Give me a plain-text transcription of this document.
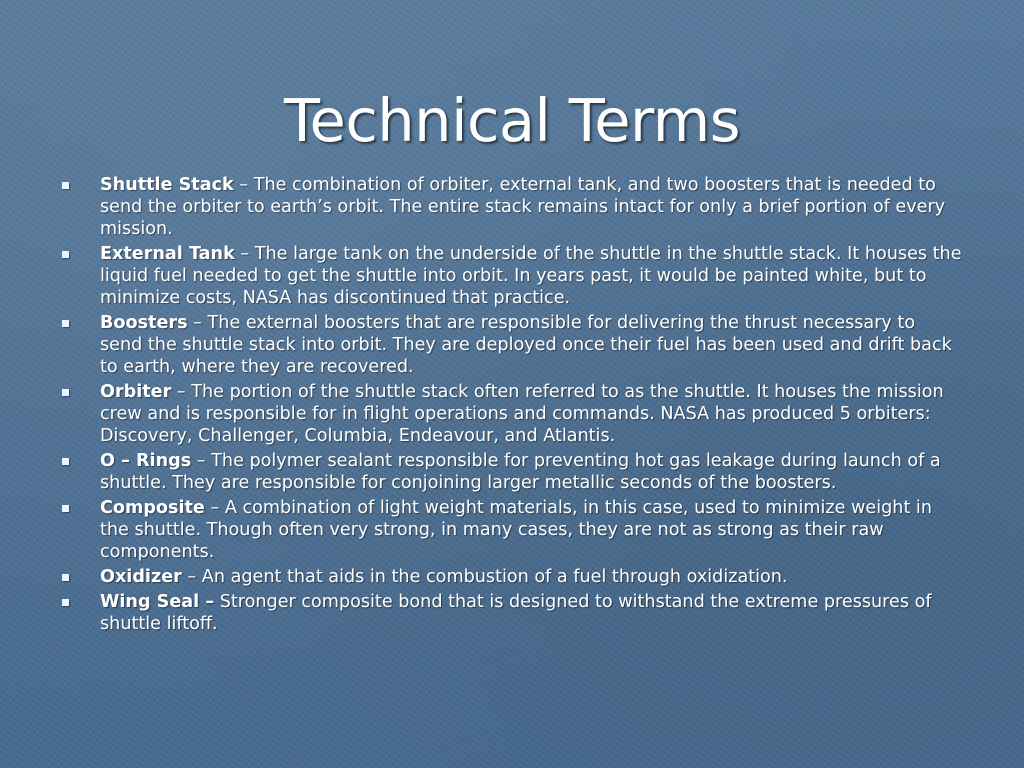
Technical Terms
Shuttle Stack – The combination of orbiter, external tank, and two boosters that is needed to send the orbiter to earth’s orbit. The entire stack remains intact for only a brief portion of every mission.
External Tank – The large tank on the underside of the shuttle in the shuttle stack. It houses the liquid fuel needed to get the shuttle into orbit. In years past, it would be painted white, but to minimize costs, NASA has discontinued that practice.
Boosters – The external boosters that are responsible for delivering the thrust necessary to send the shuttle stack into orbit. They are deployed once their fuel has been used and drift back to earth, where they are recovered.
Orbiter – The portion of the shuttle stack often referred to as the shuttle. It houses the mission crew and is responsible for in flight operations and commands. NASA has produced 5 orbiters: Discovery, Challenger, Columbia, Endeavour, and Atlantis.
O – Rings – The polymer sealant responsible for preventing hot gas leakage during launch of a shuttle. They are responsible for conjoining larger metallic seconds of the boosters.
Composite – A combination of light weight materials, in this case, used to minimize weight in the shuttle. Though often very strong, in many cases, they are not as strong as their raw components.
Oxidizer – An agent that aids in the combustion of a fuel through oxidization.
Wing Seal – Stronger composite bond that is designed to withstand the extreme pressures of shuttle liftoff.
